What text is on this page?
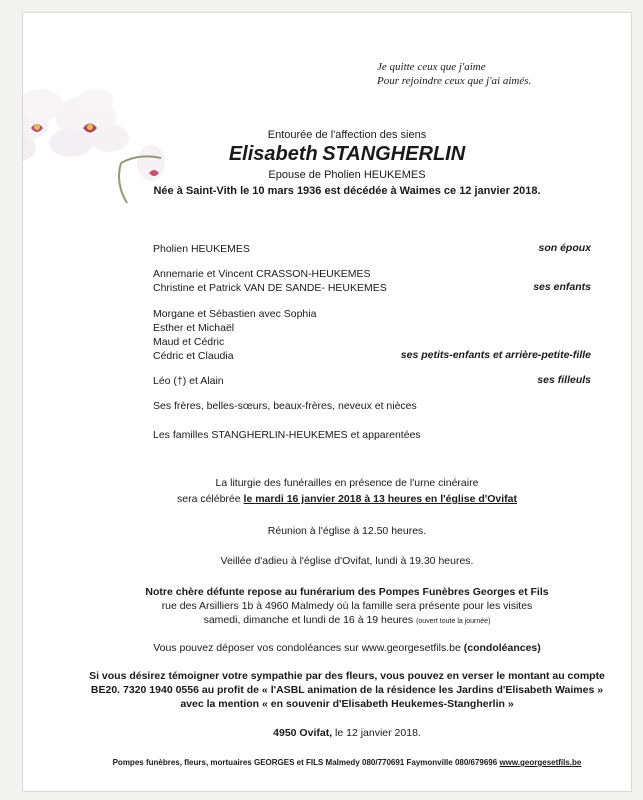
Je quitte ceux que j'aime
Pour rejoindre ceux que j'ai aimés.
Entourée de l'affection des siens
Elisabeth STANGHERLIN
Epouse de Pholien HEUKEMES
Née à Saint-Vith le 10 mars 1936 est décédée à Waimes ce 12 janvier 2018.
Pholien HEUKEMES	son époux
Annemarie et Vincent CRASSON-HEUKEMES
Christine et Patrick VAN DE SANDE- HEUKEMES	ses enfants
Morgane et Sébastien avec Sophia
Esther et Michaël
Maud et Cédric
Cédric et Claudia	ses petits-enfants et arrière-petite-fille
Léo (†) et Alain	ses filleuls
Ses frères, belles-sœurs, beaux-frères, neveux et nièces
Les familles STANGHERLIN-HEUKEMES et apparentées
La liturgie des funérailles en présence de l'urne cinéraire
sera célébrée le mardi 16 janvier 2018 à 13 heures en l'église d'Ovifat
Réunion à l'église à 12.50 heures.
Veillée d'adieu à l'église d'Ovifat, lundi à 19.30 heures.
Notre chère défunte repose au funérarium des Pompes Funèbres Georges et Fils
rue des Arsilliers 1b à 4960 Malmedy où la famille sera présente pour les visites
samedi, dimanche et lundi de 16 à 19 heures (ouvert toute la journée)
Vous pouvez déposer vos condoléances sur www.georgesetfils.be (condoléances)
Si vous désirez témoigner votre sympathie par des fleurs, vous pouvez en verser le montant au compte
BE20. 7320 1940 0556 au profit de « l'ASBL animation de la résidence les Jardins d'Elisabeth Waimes »
avec la mention « en souvenir d'Elisabeth Heukemes-Stangherlin »
4950 Ovifat, le 12 janvier 2018.
Pompes funèbres, fleurs, mortuaires GEORGES et FILS Malmedy 080/770691 Faymonville 080/679696 www.georgesetfils.be
